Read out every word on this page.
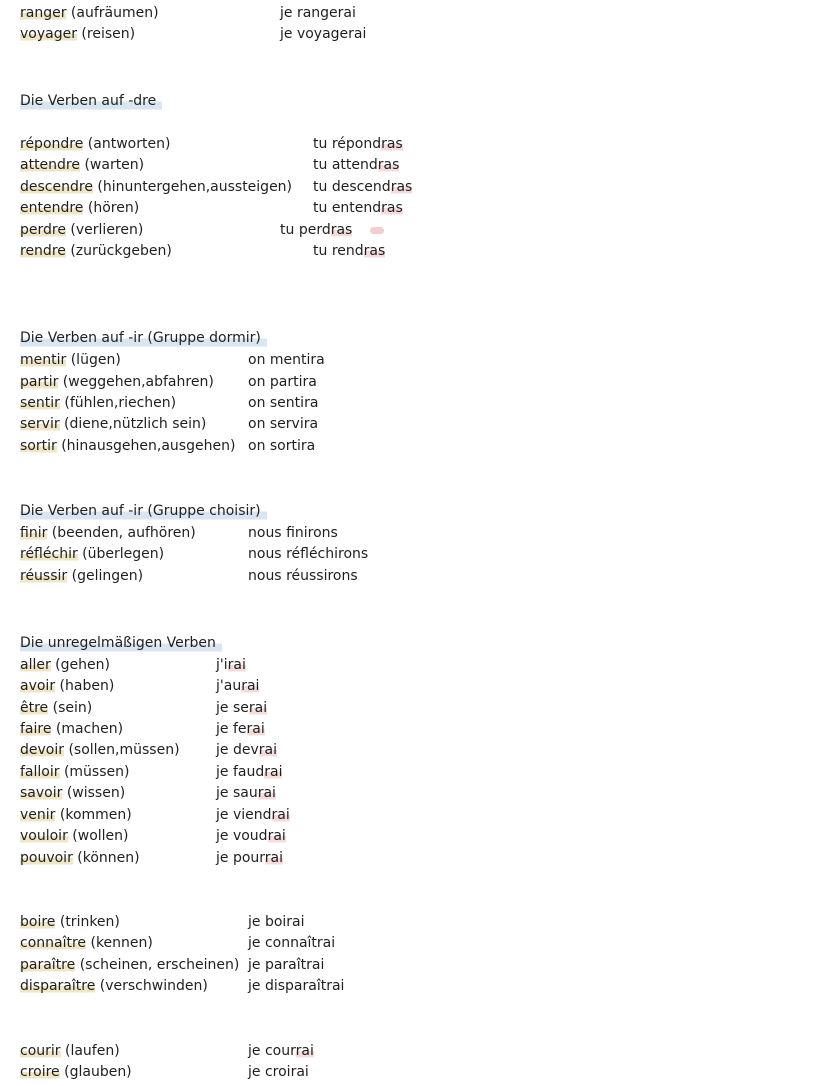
ranger (aufräumen)	je rangerai
voyager (reisen)	je voyagerai
Die Verben auf -dre
répondre (antworten)	tu répondras
attendre (warten)	tu attendras
descendre (hinuntergehen,aussteigen) tu descendras
entendre (hören)	tu entendras
perdre (verlieren)	tu perdras
rendre (zurückgeben)	tu rendras
Die Verben auf -ir (Gruppe dormir)
mentir (lügen)	on mentira
partir (weggehen,abfahren) on partira
sentir (fühlen,riechen)	on sentira
servir (diene,nützlich sein)	on servira
sortir (hinausgehen,ausgehen) on sortira
Die Verben auf -ir (Gruppe choisir)
finir (beenden, aufhören)	nous finirons
réfléchir (überlegen)	nous réfléchirons
réussir (gelingen)	nous réussirons
Die unregelmäßigen Verben
aller (gehen)	j'irai
avoir (haben)	j'aurai
être (sein)	je serai
faire (machen)	je ferai
devoir (sollen,müssen)	je devrai
falloir (müssen)	je faudrai
savoir (wissen)	je saurai
venir (kommen)	je viendrai
vouloir (wollen)	je voudrai
pouvoir (können)	je pourrai
boire (trinken)	je boirai
connaître (kennen)	je connaîtrai
paraître (scheinen, erscheinen) je paraîtrai
disparaître (verschwinden)	je disparaîtrai
courir (laufen)	je courrai
croire (glauben)	je croirai
